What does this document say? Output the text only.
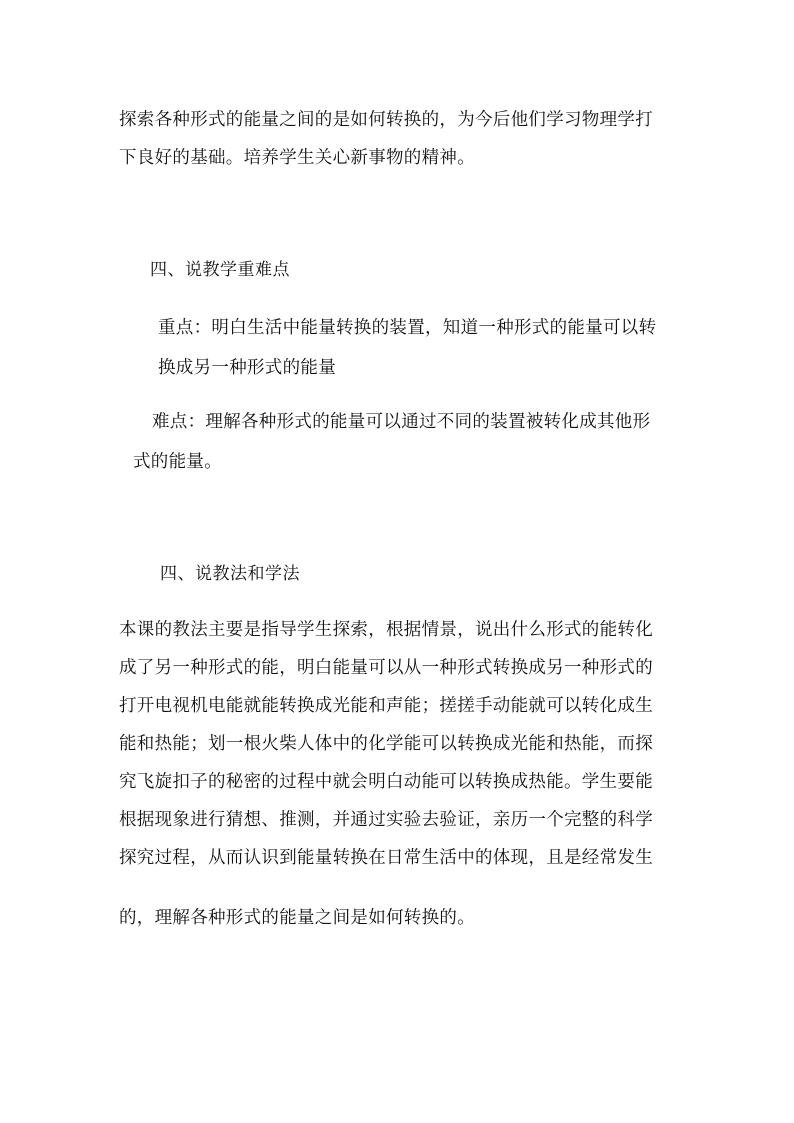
探索各种形式的能量之间的是如何转换的，为今后他们学习物理学打

下良好的基础。培养学生关心新事物的精神。

四、说教学重难点

重点：明白生活中能量转换的装置，知道一种形式的能量可以转

换成另一种形式的能量

难点：理解各种形式的能量可以通过不同的装置被转化成其他形

式的能量。

四、说教法和学法

本课的教法主要是指导学生探索，根据情景，说出什么形式的能转化

成了另一种形式的能，明白能量可以从一种形式转换成另一种形式的

打开电视机电能就能转换成光能和声能；搓搓手动能就可以转化成生

能和热能；划一根火柴人体中的化学能可以转换成光能和热能，而探

究飞旋扣子的秘密的过程中就会明白动能可以转换成热能。学生要能

根据现象进行猜想、推测，并通过实验去验证，亲历一个完整的科学

探究过程，从而认识到能量转换在日常生活中的体现，且是经常发生

的，理解各种形式的能量之间是如何转换的。
